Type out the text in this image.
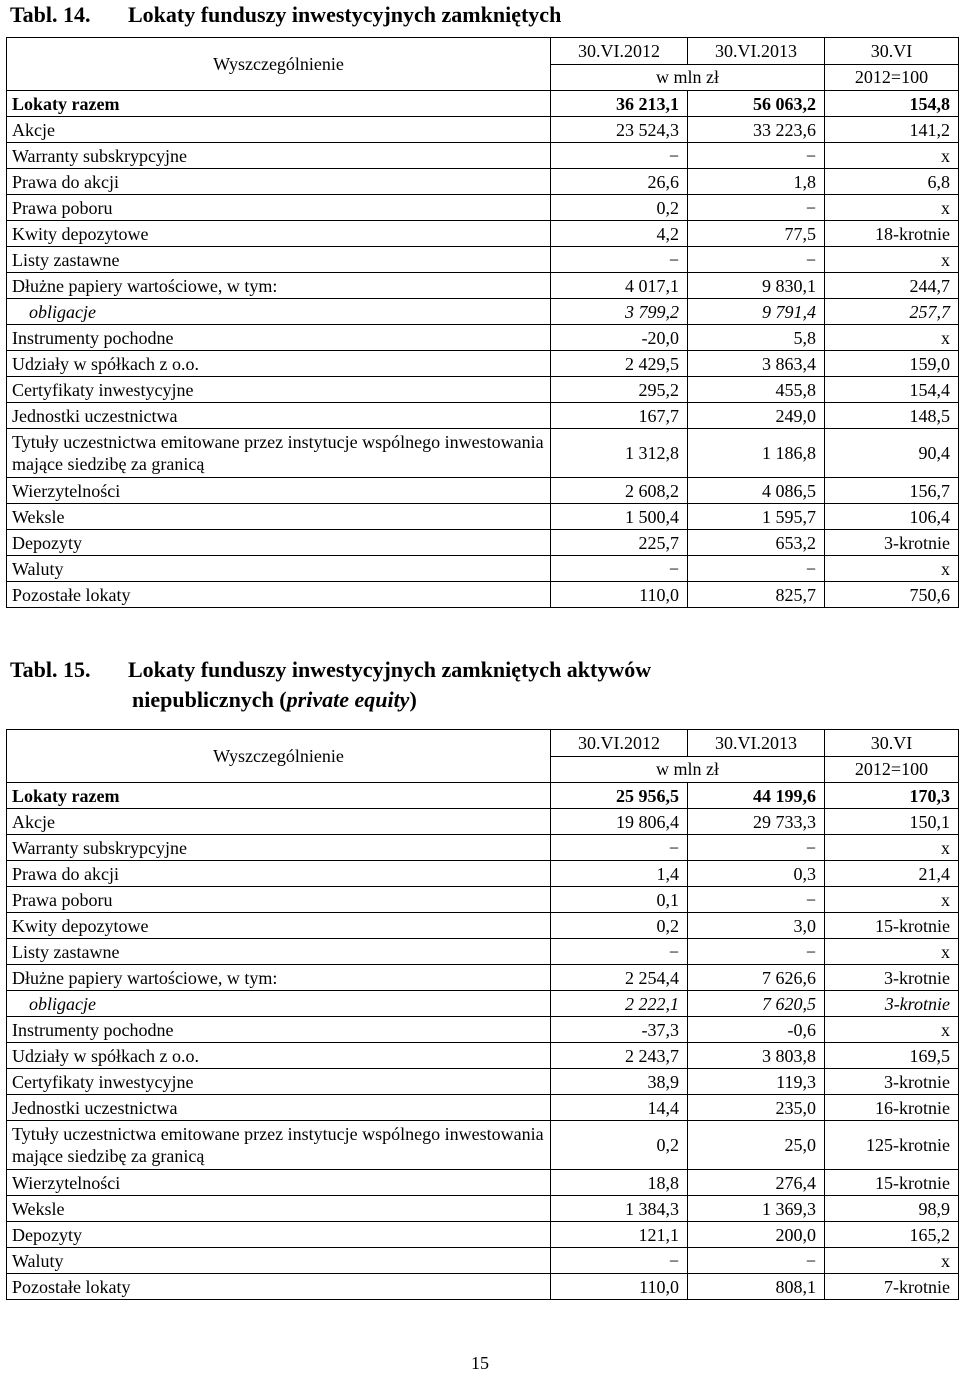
Tabl. 14. Lokaty funduszy inwestycyjnych zamkniętych
Wyszczególnienie	30.VI.2012	30.VI.2013	30.VI
	w mln zł		2012=100
Lokaty razem	36 213,1	56 063,2	154,8
Akcje	23 524,3	33 223,6	141,2
Warranty subskrypcyjne	−	−	x
Prawa do akcji	26,6	1,8	6,8
Prawa poboru	0,2	−	x
Kwity depozytowe	4,2	77,5	18-krotnie
Listy zastawne	−	−	x
Dłużne papiery wartościowe, w tym:	4 017,1	9 830,1	244,7
obligacje	3 799,2	9 791,4	257,7
Instrumenty pochodne	-20,0	5,8	x
Udziały w spółkach z o.o.	2 429,5	3 863,4	159,0
Certyfikaty inwestycyjne	295,2	455,8	154,4
Jednostki uczestnictwa	167,7	249,0	148,5
Tytuły uczestnictwa emitowane przez instytucje wspólnego inwestowania mające siedzibę za granicą	1 312,8	1 186,8	90,4
Wierzytelności	2 608,2	4 086,5	156,7
Weksle	1 500,4	1 595,7	106,4
Depozyty	225,7	653,2	3-krotnie
Waluty	−	−	x
Pozostałe lokaty	110,0	825,7	750,6
Tabl. 15. Lokaty funduszy inwestycyjnych zamkniętych aktywów
niepublicznych (private equity)
Wyszczególnienie	30.VI.2012	30.VI.2013	30.VI
	w mln zł		2012=100
Lokaty razem	25 956,5	44 199,6	170,3
Akcje	19 806,4	29 733,3	150,1
Warranty subskrypcyjne	−	−	x
Prawa do akcji	1,4	0,3	21,4
Prawa poboru	0,1	−	x
Kwity depozytowe	0,2	3,0	15-krotnie
Listy zastawne	−	−	x
Dłużne papiery wartościowe, w tym:	2 254,4	7 626,6	3-krotnie
obligacje	2 222,1	7 620,5	3-krotnie
Instrumenty pochodne	-37,3	-0,6	x
Udziały w spółkach z o.o.	2 243,7	3 803,8	169,5
Certyfikaty inwestycyjne	38,9	119,3	3-krotnie
Jednostki uczestnictwa	14,4	235,0	16-krotnie
Tytuły uczestnictwa emitowane przez instytucje wspólnego inwestowania mające siedzibę za granicą	0,2	25,0	125-krotnie
Wierzytelności	18,8	276,4	15-krotnie
Weksle	1 384,3	1 369,3	98,9
Depozyty	121,1	200,0	165,2
Waluty	−	−	x
Pozostałe lokaty	110,0	808,1	7-krotnie
15
